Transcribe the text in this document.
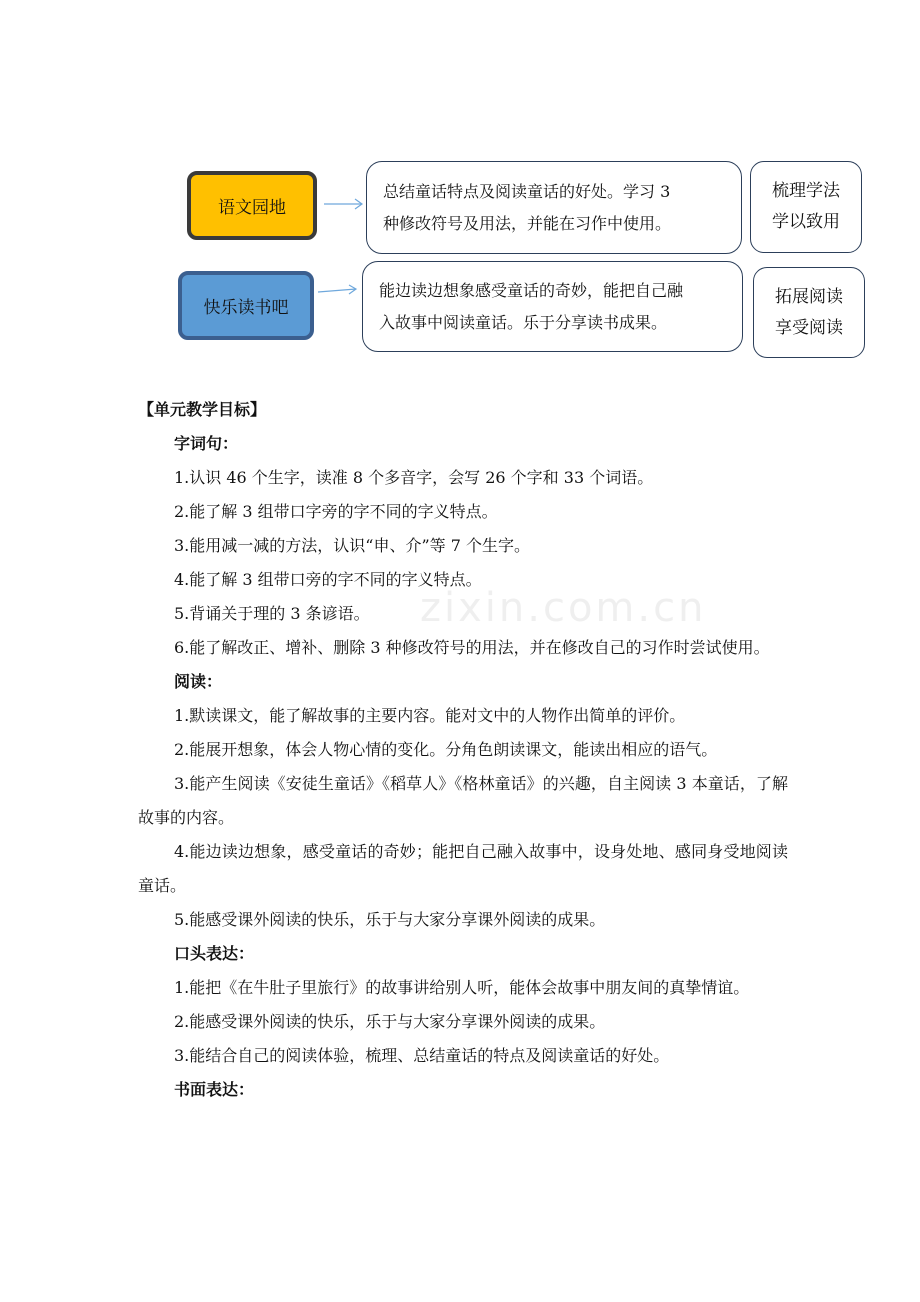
语文园地
总结童话特点及阅读童话的好处。学习 3
种修改符号及用法，并能在习作中使用。
梳理学法
学以致用
快乐读书吧
能边读边想象感受童话的奇妙，能把自己融
入故事中阅读童话。乐于分享读书成果。
拓展阅读
享受阅读
zixin.com.cn

【单元教学目标】

字词句：

1.认识 46 个生字，读准 8 个多音字，会写 26 个字和 33 个词语。

2.能了解 3 组带口字旁的字不同的字义特点。

3.能用减一减的方法，认识“申、介”等 7 个生字。

4.能了解 3 组带口旁的字不同的字义特点。

5.背诵关于理的 3 条谚语。

6.能了解改正、增补、删除 3 种修改符号的用法，并在修改自己的习作时尝试使用。

阅读：

1.默读课文，能了解故事的主要内容。能对文中的人物作出简单的评价。

2.能展开想象，体会人物心情的变化。分角色朗读课文，能读出相应的语气。

3.能产生阅读《安徒生童话》《稻草人》《格林童话》的兴趣，自主阅读 3 本童话，了解故事的内容。

4.能边读边想象，感受童话的奇妙；能把自己融入故事中，设身处地、感同身受地阅读童话。

5.能感受课外阅读的快乐，乐于与大家分享课外阅读的成果。

口头表达：

1.能把《在牛肚子里旅行》的故事讲给别人听，能体会故事中朋友间的真挚情谊。

2.能感受课外阅读的快乐，乐于与大家分享课外阅读的成果。

3.能结合自己的阅读体验，梳理、总结童话的特点及阅读童话的好处。

书面表达：
